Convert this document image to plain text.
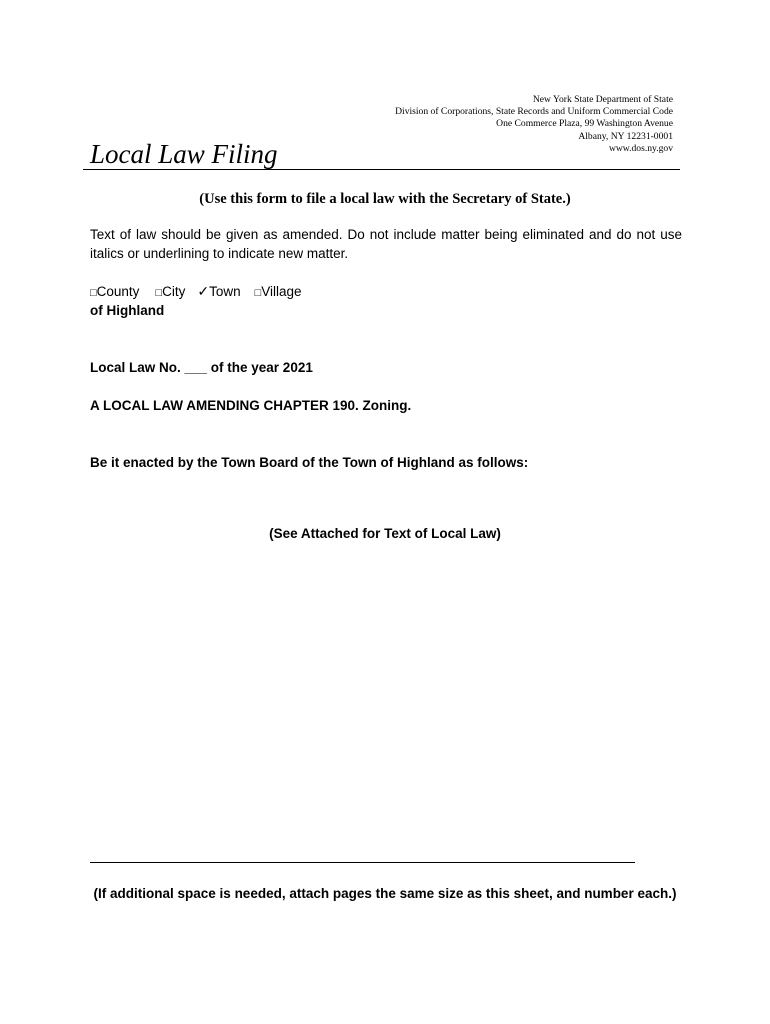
New York State Department of State
Division of Corporations, State Records and Uniform Commercial Code
One Commerce Plaza, 99 Washington Avenue
Albany, NY 12231-0001
www.dos.ny.gov
Local Law Filing
(Use this form to file a local law with the Secretary of State.)
Text of law should be given as amended. Do not include matter being eliminated and do not use italics or underlining to indicate new matter.
□County □City ✓Town □Village
of Highland
Local Law No. ___ of the year 2021
A LOCAL LAW AMENDING CHAPTER 190. Zoning.
Be it enacted by the Town Board of the Town of Highland as follows:
(See Attached for Text of Local Law)
(If additional space is needed, attach pages the same size as this sheet, and number each.)
